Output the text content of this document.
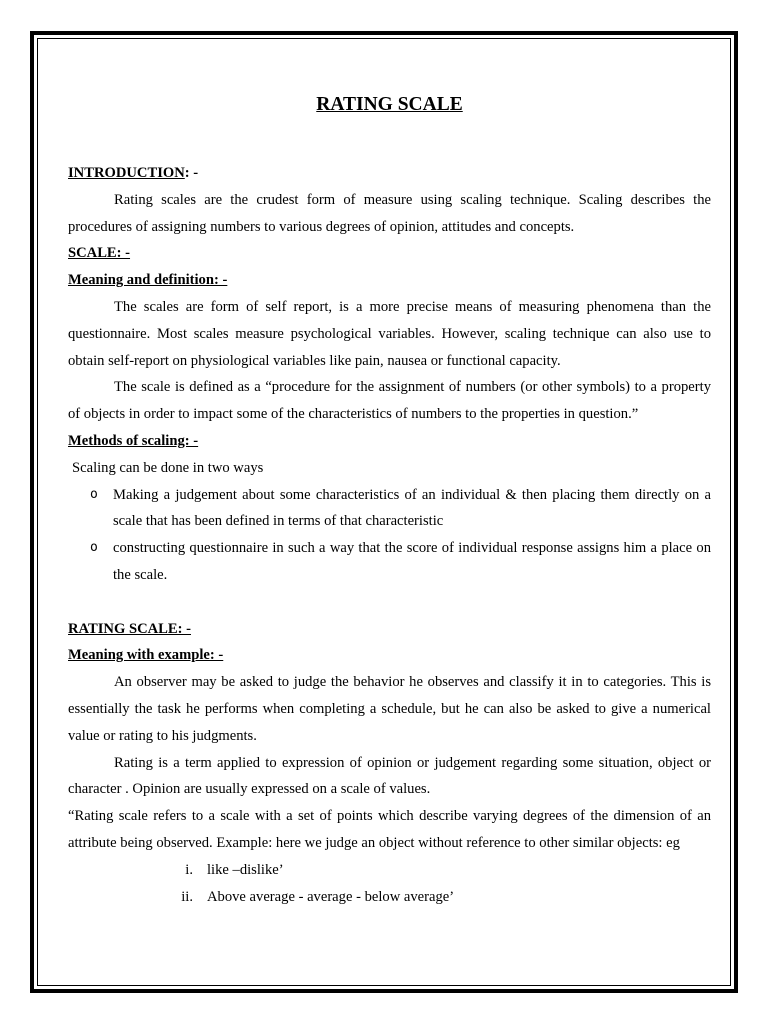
RATING SCALE

INTRODUCTION: -

Rating scales are the crudest form of measure using scaling technique. Scaling describes the procedures of assigning numbers to various degrees of opinion, attitudes and concepts.

SCALE: -

Meaning and definition: -

The scales are form of self report, is a more precise means of measuring phenomena than the questionnaire. Most scales measure psychological variables. However, scaling technique can also use to obtain self-report on physiological variables like pain, nausea or functional capacity.

The scale is defined as a “procedure for the assignment of numbers (or other symbols) to a property of objects in order to impact some of the characteristics of numbers to the properties in question.”

Methods of scaling: -

Scaling can be done in two ways

o Making a judgement about some characteristics of an individual & then placing them directly on a scale that has been defined in terms of that characteristic
o constructing questionnaire in such a way that the score of individual response assigns him a place on the scale.

RATING SCALE: -

Meaning with example: -

An observer may be asked to judge the behavior he observes and classify it in to categories. This is essentially the task he performs when completing a schedule, but he can also be asked to give a numerical value or rating to his judgments.

Rating is a term applied to expression of opinion or judgement regarding some situation, object or character . Opinion are usually expressed on a scale of values.

“Rating scale refers to a scale with a set of points which describe varying degrees of the dimension of an attribute being observed. Example: here we judge an object without reference to other similar objects: eg

i. like –dislike’
ii. Above average - average - below average’
